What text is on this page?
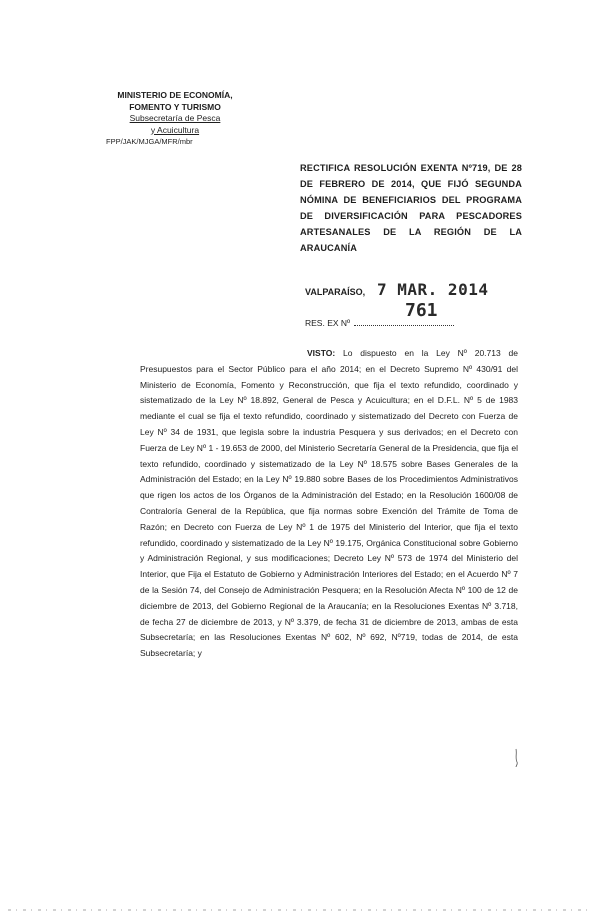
MINISTERIO DE ECONOMÍA,
FOMENTO Y TURISMO
Subsecretaría de Pesca
y Acuicultura
FPP/JAK/MJGA/MFR/mbr
RECTIFICA RESOLUCIÓN EXENTA Nº719, DE 28 DE FEBRERO DE 2014, QUE FIJÓ SEGUNDA NÓMINA DE BENEFICIARIOS DEL PROGRAMA DE DIVERSIFICACIÓN PARA PESCADORES ARTESANALES DE LA REGIÓN DE LA ARAUCANÍA
VALPARAÍSO, 7 MAR. 2014
761
RES. EX Nº
VISTO: Lo dispuesto en la Ley Nº 20.713 de Presupuestos para el Sector Público para el año 2014; en el Decreto Supremo Nº 430/91 del Ministerio de Economía, Fomento y Reconstrucción, que fija el texto refundido, coordinado y sistematizado de la Ley Nº 18.892, General de Pesca y Acuicultura; en el D.F.L. Nº 5 de 1983 mediante el cual se fija el texto refundido, coordinado y sistematizado del Decreto con Fuerza de Ley Nº 34 de 1931, que legisla sobre la industria Pesquera y sus derivados; en el Decreto con Fuerza de Ley Nº 1 - 19.653 de 2000, del Ministerio Secretaría General de la Presidencia, que fija el texto refundido, coordinado y sistematizado de la Ley Nº 18.575 sobre Bases Generales de la Administración del Estado; en la Ley Nº 19.880 sobre Bases de los Procedimientos Administrativos que rigen los actos de los Órganos de la Administración del Estado; en la Resolución 1600/08 de Contraloría General de la República, que fija normas sobre Exención del Trámite de Toma de Razón; en Decreto con Fuerza de Ley Nº 1 de 1975 del Ministerio del Interior, que fija el texto refundido, coordinado y sistematizado de la Ley Nº 19.175, Orgánica Constitucional sobre Gobierno y Administración Regional, y sus modificaciones; Decreto Ley Nº 573 de 1974 del Ministerio del Interior, que Fija el Estatuto de Gobierno y Administración Interiores del Estado; en el Acuerdo Nº 7 de la Sesión 74, del Consejo de Administración Pesquera; en la Resolución Afecta Nº 100 de 12 de diciembre de 2013, del Gobierno Regional de la Araucanía; en la Resoluciones Exentas Nº 3.718, de fecha 27 de diciembre de 2013, y Nº 3.379, de fecha 31 de diciembre de 2013, ambas de esta Subsecretaría; en las Resoluciones Exentas Nº 602, Nº 692, Nº719, todas de 2014, de esta Subsecretaría; y
